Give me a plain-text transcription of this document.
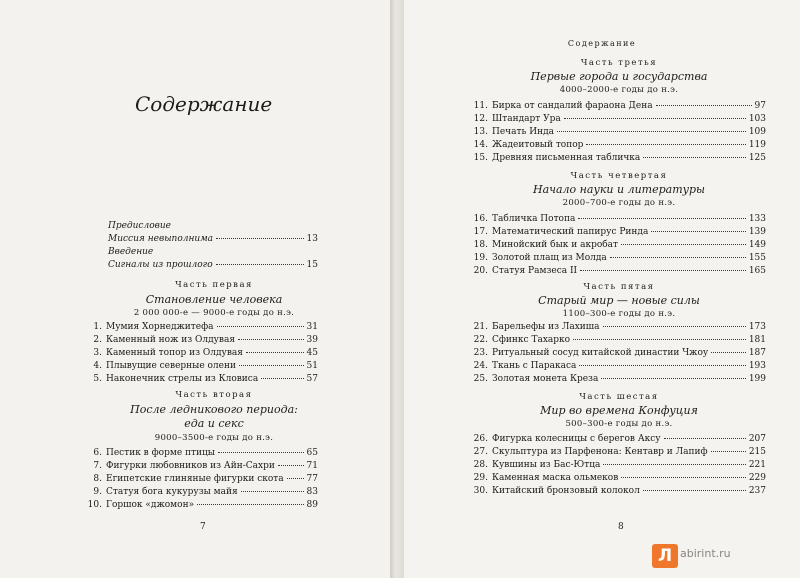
Содержание
Предисловие
Миссия невыполнима	13
Введение
Сигналы из прошлого	15
Часть первая
Становление человека
2 000 000-е — 9000-е годы до н.э.
1. Мумия Хорнеджитефа	31
2. Каменный нож из Олдувая	39
3. Каменный топор из Олдувая	45
4. Плывущие северные олени	51
5. Наконечник стрелы из Кловиса	57
Часть вторая
После ледникового периода:
еда и секс
9000–3500-е годы до н.э.
6. Пестик в форме птицы	65
7. Фигурки любовников из Айн-Сахри	71
8. Египетские глиняные фигурки скота	77
9. Статуя бога кукурузы майя	83
10. Горшок «джомон»	89
7
Содержание
Часть третья
Первые города и государства
4000–2000-е годы до н.э.
11. Бирка от сандалий фараона Дена	97
12. Штандарт Ура	103
13. Печать Инда	109
14. Жадеитовый топор	119
15. Древняя письменная табличка	125
Часть четвертая
Начало науки и литературы
2000–700-е годы до н.э.
16. Табличка Потопа	133
17. Математический папирус Ринда	139
18. Минойский бык и акробат	149
19. Золотой плащ из Молда	155
20. Статуя Рамзеса II	165
Часть пятая
Старый мир — новые силы
1100–300-е годы до н.э.
21. Барельефы из Лахиша	173
22. Сфинкс Тахарко	181
23. Ритуальный сосуд китайской династии Чжоу	187
24. Ткань с Паракаса	193
25. Золотая монета Креза	199
Часть шестая
Мир во времена Конфуция
500–300-е годы до н.э.
26. Фигурка колесницы с берегов Аксу	207
27. Скульптура из Парфенона: Кентавр и Лапиф	215
28. Кувшины из Бас-Ютца	221
29. Каменная маска ольмеков	229
30. Китайский бронзовый колокол	237
8
Л abirint.ru
